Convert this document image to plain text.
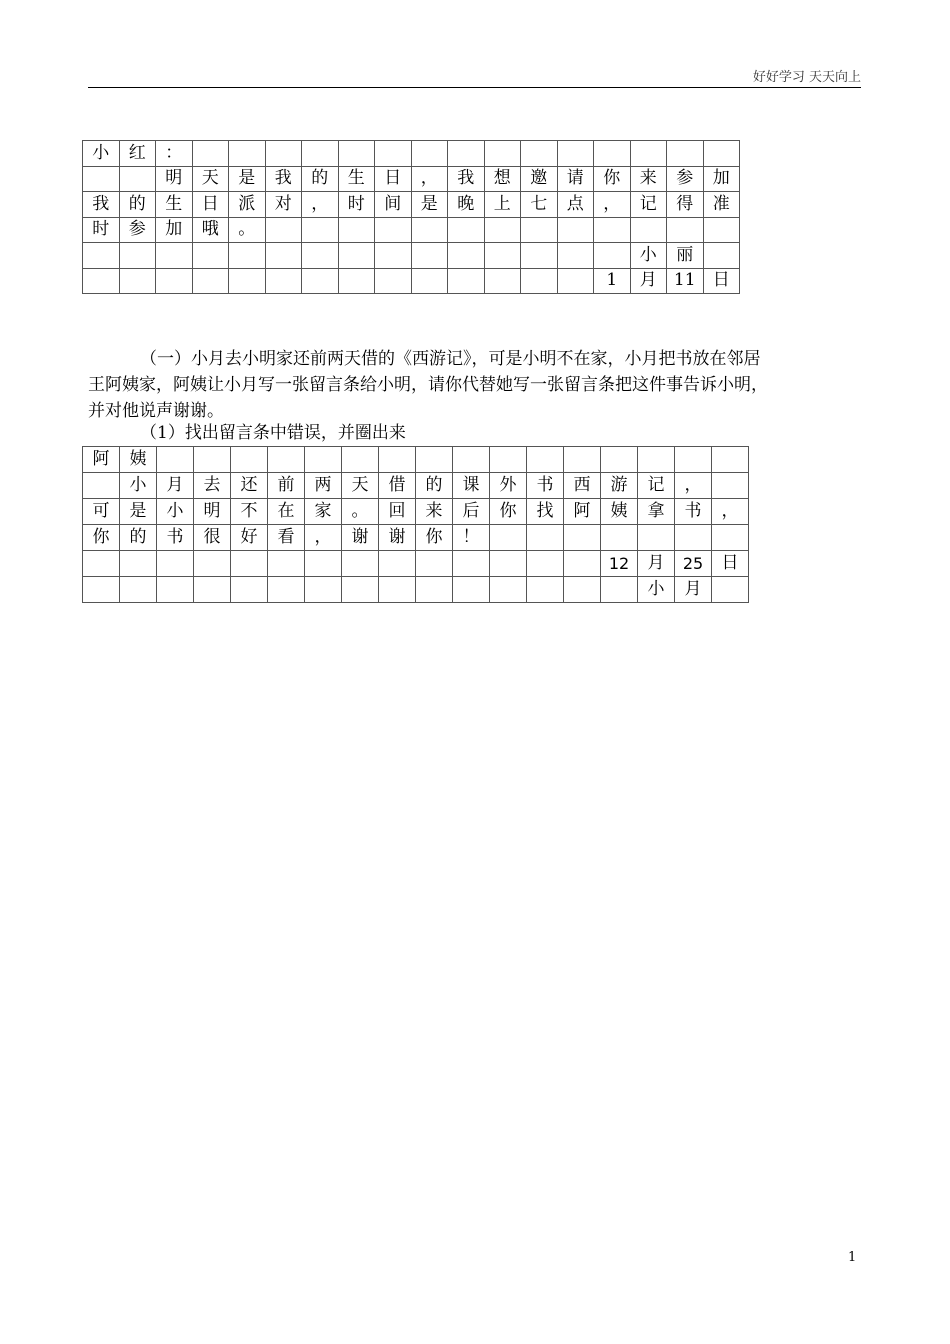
好好学习 天天向上
小	红	：															
		明	天	是	我	的	生	日	，	我	想	邀	请	你	来	参	加
我	的	生	日	派	对	，	时	间	是	晚	上	七	点	，	记	得	准
时	参	加	哦	。													
															小	丽	
														1	月	11	日

（一）小月去小明家还前两天借的《西游记》，可是小明不在家，小月把书放在邻居王阿姨家，阿姨让小月写一张留言条给小明，请你代替她写一张留言条把这件事告诉小明，并对他说声谢谢。

（1）找出留言条中错误，并圈出来
阿	姨																
	小	月	去	还	前	两	天	借	的	课	外	书	西	游	记	，	
可	是	小	明	不	在	家	。	回	来	后	你	找	阿	姨	拿	书	，
你	的	书	很	好	看	，	谢	谢	你	！							
														12	月	25	日
															小	月	
1
